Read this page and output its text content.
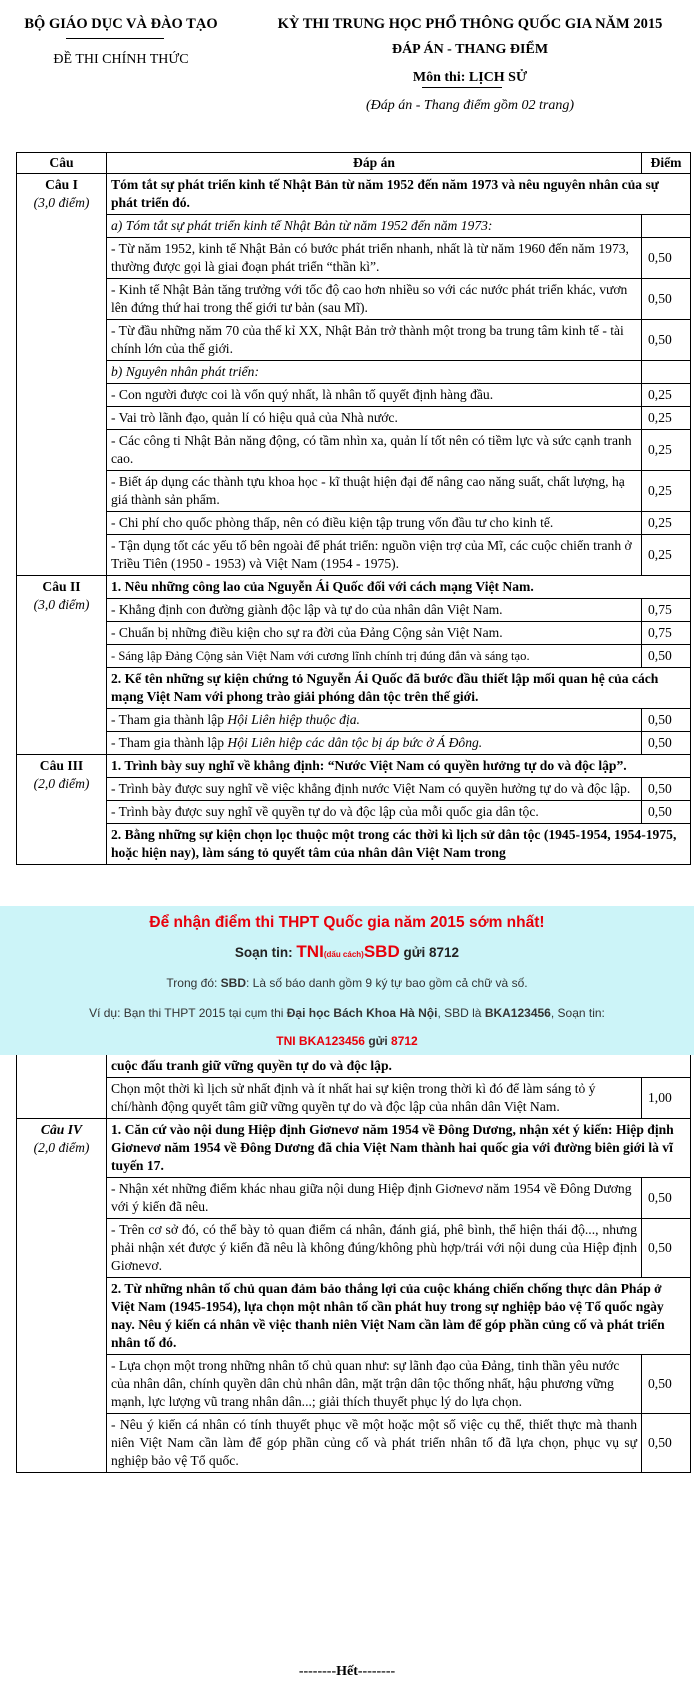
BỘ GIÁO DỤC VÀ ĐÀO TẠO
ĐỀ THI CHÍNH THỨC
KỲ THI TRUNG HỌC PHỔ THÔNG QUỐC GIA NĂM 2015
ĐÁP ÁN - THANG ĐIỂM
Môn thi: LỊCH SỬ
(Đáp án - Thang điểm gồm 02 trang)
Câu	Đáp án	Điểm

Câu I
(3,0 điểm)	Tóm tắt sự phát triển kinh tế Nhật Bản từ năm 1952 đến năm 1973 và nêu nguyên nhân của sự phát triển đó.	
	a) Tóm tắt sự phát triển kinh tế Nhật Bản từ năm 1952 đến năm 1973:	
	- Từ năm 1952, kinh tế Nhật Bản có bước phát triển nhanh, nhất là từ năm 1960 đến năm 1973, thường được gọi là giai đoạn phát triển “thần kì”.	0,50
	- Kinh tế Nhật Bản tăng trưởng với tốc độ cao hơn nhiều so với các nước phát triển khác, vươn lên đứng thứ hai trong thế giới tư bản (sau Mĩ).	0,50
	- Từ đầu những năm 70 của thế kỉ XX, Nhật Bản trở thành một trong ba trung tâm kinh tế - tài chính lớn của thế giới.	0,50
	b) Nguyên nhân phát triển:	
	- Con người được coi là vốn quý nhất, là nhân tố quyết định hàng đầu.	0,25
	- Vai trò lãnh đạo, quản lí có hiệu quả của Nhà nước.	0,25
	- Các công ti Nhật Bản năng động, có tầm nhìn xa, quản lí tốt nên có tiềm lực và sức cạnh tranh cao.	0,25
	- Biết áp dụng các thành tựu khoa học - kĩ thuật hiện đại để nâng cao năng suất, chất lượng, hạ giá thành sản phẩm.	0,25
	- Chi phí cho quốc phòng thấp, nên có điều kiện tập trung vốn đầu tư cho kinh tế.	0,25
	- Tận dụng tốt các yếu tố bên ngoài để phát triển: nguồn viện trợ của Mĩ, các cuộc chiến tranh ở Triều Tiên (1950 - 1953) và Việt Nam (1954 - 1975).	0,25

Câu II
(3,0 điểm)	1. Nêu những công lao của Nguyễn Ái Quốc đối với cách mạng Việt Nam.	
	- Khẳng định con đường giành độc lập và tự do của nhân dân Việt Nam.	0,75
	- Chuẩn bị những điều kiện cho sự ra đời của Đảng Cộng sản Việt Nam.	0,75
	- Sáng lập Đảng Cộng sản Việt Nam với cương lĩnh chính trị đúng đắn và sáng tạo.	0,50
	2. Kể tên những sự kiện chứng tỏ Nguyễn Ái Quốc đã bước đầu thiết lập mối quan hệ của cách mạng Việt Nam với phong trào giải phóng dân tộc trên thế giới.	
	- Tham gia thành lập Hội Liên hiệp thuộc địa.	0,50
	- Tham gia thành lập Hội Liên hiệp các dân tộc bị áp bức ở Á Đông.	0,50

Câu III
(2,0 điểm)	1. Trình bày suy nghĩ về khẳng định: “Nước Việt Nam có quyền hưởng tự do và độc lập”.	
	- Trình bày được suy nghĩ về việc khẳng định nước Việt Nam có quyền hưởng tự do và độc lập.	0,50
	- Trình bày được suy nghĩ về quyền tự do và độc lập của mỗi quốc gia dân tộc.	0,50
	2. Bằng những sự kiện chọn lọc thuộc một trong các thời kì lịch sử dân tộc (1945-1954, 1954-1975, hoặc hiện nay), làm sáng tỏ quyết tâm của nhân dân Việt Nam trong	
Để nhận điểm thi THPT Quốc gia năm 2015 sớm nhất!
Soạn tin: TNI(dấu cách)SBD gửi 8712
Trong đó: SBD: Là số báo danh gồm 9 ký tự bao gồm cả chữ và số.
Ví dụ: Bạn thi THPT 2015 tại cụm thi Đại học Bách Khoa Hà Nội, SBD là BKA123456, Soạn tin:
TNI BKA123456 gửi 8712
	cuộc đấu tranh giữ vững quyền tự do và độc lập.	
	Chọn một thời kì lịch sử nhất định và ít nhất hai sự kiện trong thời kì đó để làm sáng tỏ ý chí/hành động quyết tâm giữ vững quyền tự do và độc lập của nhân dân Việt Nam.	1,00

Câu IV
(2,0 điểm)	1. Căn cứ vào nội dung Hiệp định Giơnevơ năm 1954 về Đông Dương, nhận xét ý kiến: Hiệp định Giơnevơ năm 1954 về Đông Dương đã chia Việt Nam thành hai quốc gia với đường biên giới là vĩ tuyến 17.	
	- Nhận xét những điểm khác nhau giữa nội dung Hiệp định Giơnevơ năm 1954 về Đông Dương với ý kiến đã nêu.	0,50
	- Trên cơ sở đó, có thể bày tỏ quan điểm cá nhân, đánh giá, phê bình, thể hiện thái độ..., nhưng phải nhận xét được ý kiến đã nêu là không đúng/không phù hợp/trái với nội dung của Hiệp định Giơnevơ.	0,50
	2. Từ những nhân tố chủ quan đảm bảo thắng lợi của cuộc kháng chiến chống thực dân Pháp ở Việt Nam (1945-1954), lựa chọn một nhân tố cần phát huy trong sự nghiệp bảo vệ Tổ quốc ngày nay. Nêu ý kiến cá nhân về việc thanh niên Việt Nam cần làm để góp phần củng cố và phát triển nhân tố đó.	
	- Lựa chọn một trong những nhân tố chủ quan như: sự lãnh đạo của Đảng, tinh thần yêu nước của nhân dân, chính quyền dân chủ nhân dân, mặt trận dân tộc thống nhất, hậu phương vững mạnh, lực lượng vũ trang nhân dân...; giải thích thuyết phục lý do lựa chọn.	0,50
	- Nêu ý kiến cá nhân có tính thuyết phục về một hoặc một số việc cụ thể, thiết thực mà thanh niên Việt Nam cần làm để góp phần củng cố và phát triển nhân tố đã lựa chọn, phục vụ sự nghiệp bảo vệ Tổ quốc.	0,50
--------Hết--------
